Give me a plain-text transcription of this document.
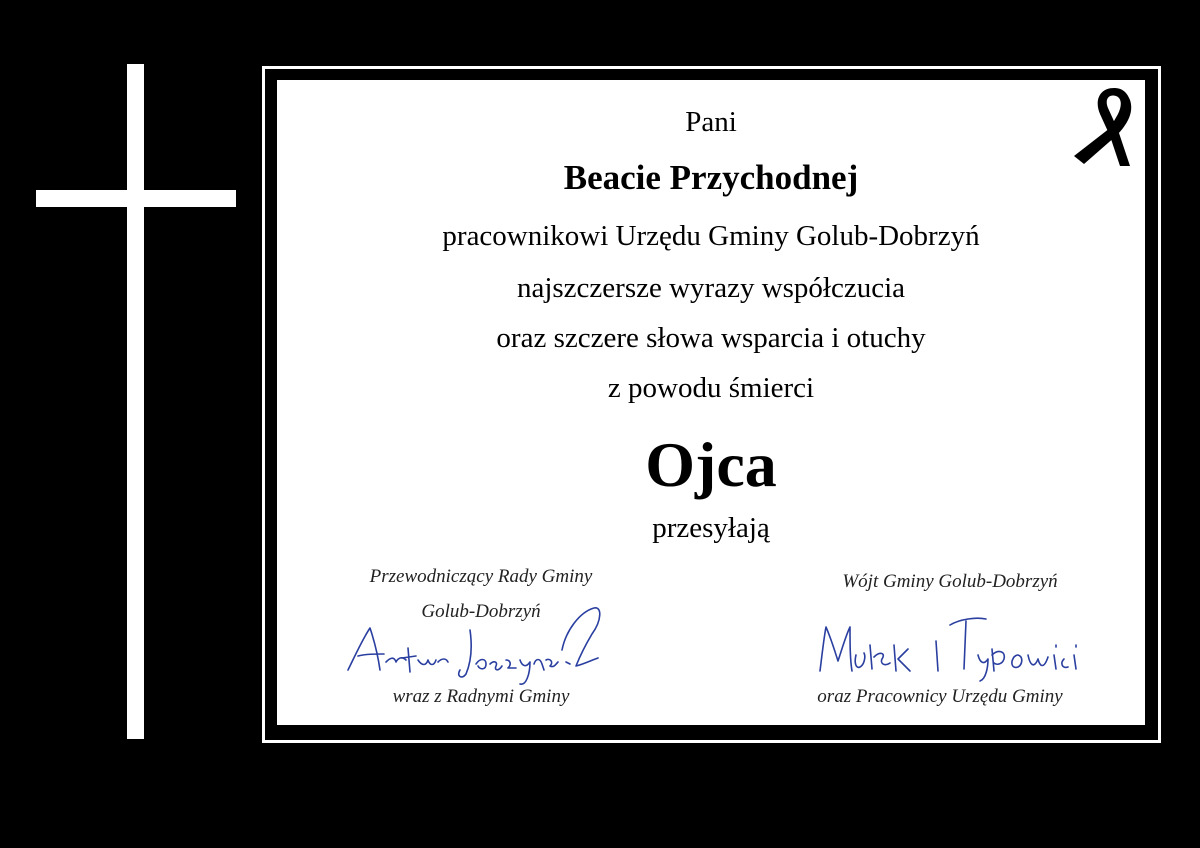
Pani
Beacie Przychodnej
pracownikowi Urzędu Gminy Golub-Dobrzyń
najszczersze wyrazy współczucia
oraz szczere słowa wsparcia i otuchy
z powodu śmierci
Ojca
przesyłają
Przewodniczący Rady Gminy
Golub-Dobrzyń
wraz z Radnymi Gminy
Wójt Gminy Golub-Dobrzyń
oraz Pracownicy Urzędu Gminy
